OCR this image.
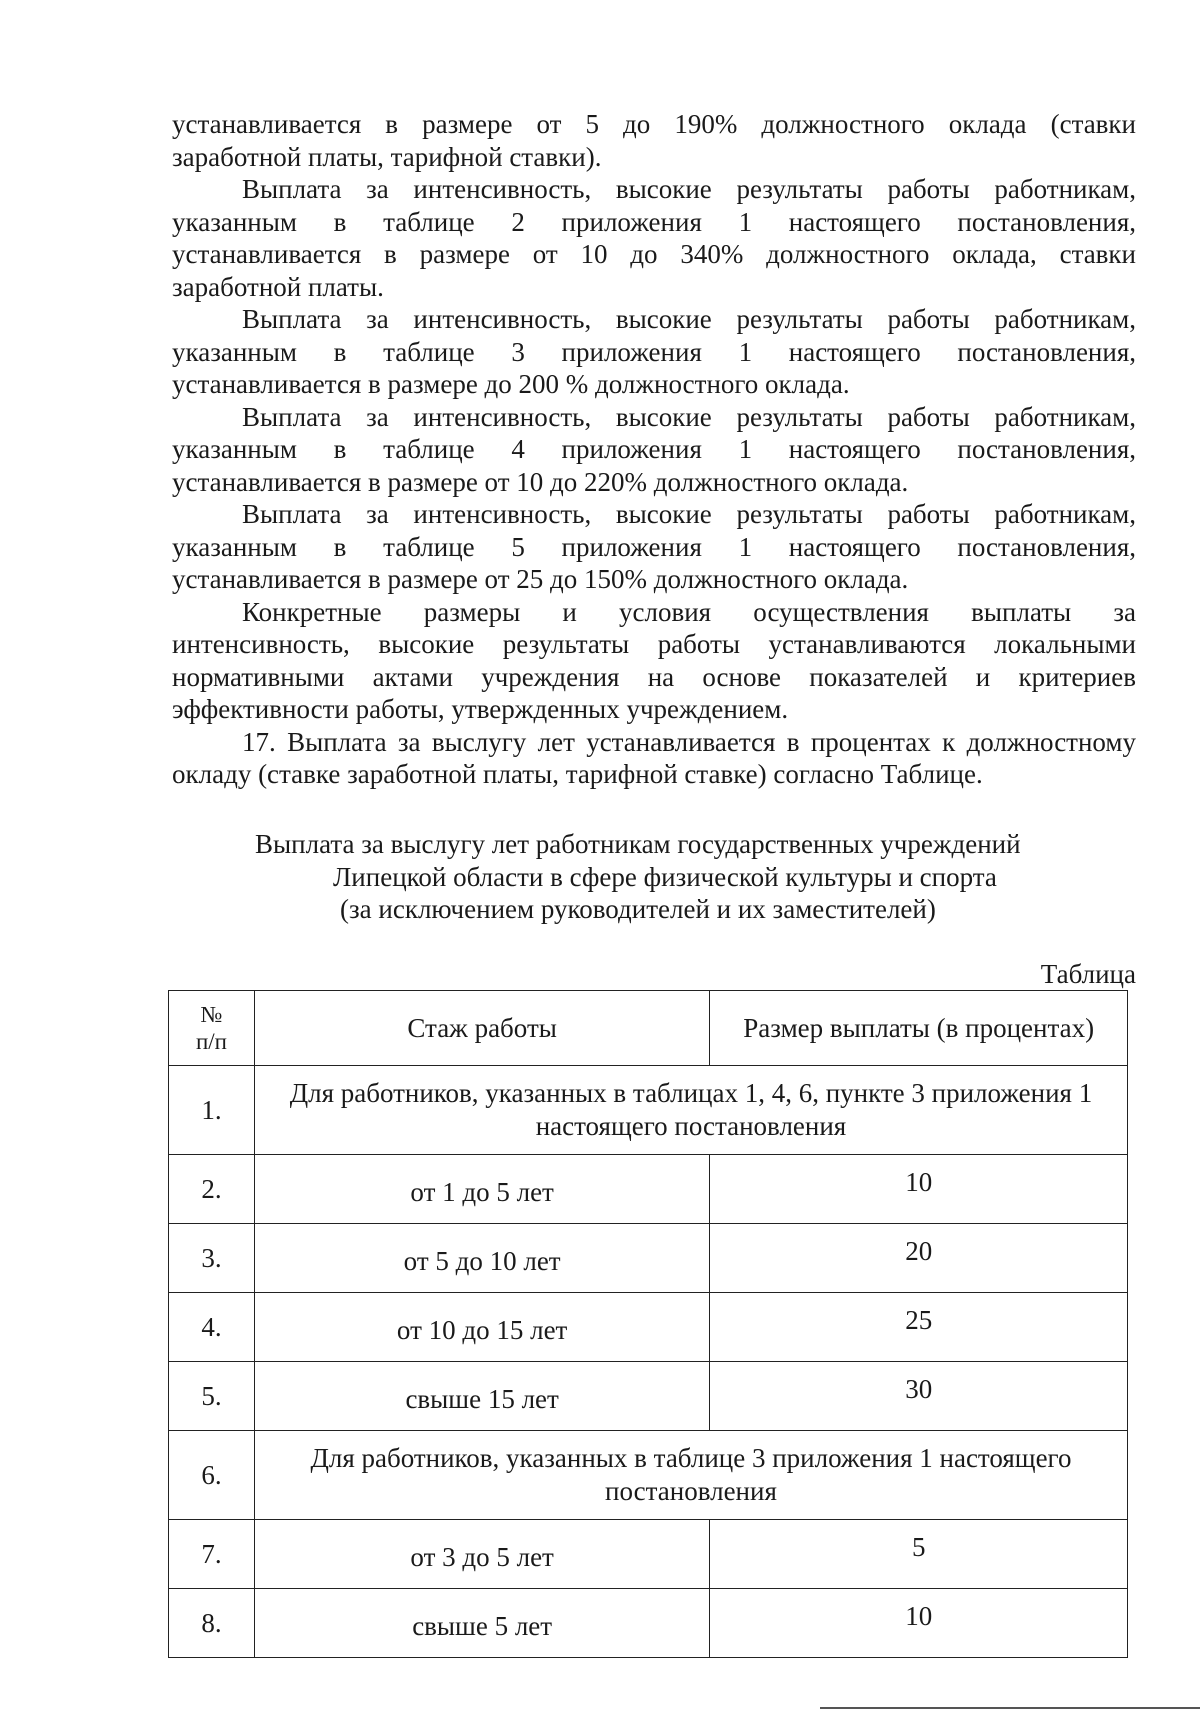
устанавливается в размере от 5 до 190% должностного оклада (ставки
заработной платы, тарифной ставки).

Выплата за интенсивность, высокие результаты работы работникам,
указанным в таблице 2 приложения 1 настоящего постановления,
устанавливается в размере от 10 до 340% должностного оклада, ставки
заработной платы.

Выплата за интенсивность, высокие результаты работы работникам,
указанным в таблице 3 приложения 1 настоящего постановления,
устанавливается в размере до 200 % должностного оклада.

Выплата за интенсивность, высокие результаты работы работникам,
указанным в таблице 4 приложения 1 настоящего постановления,
устанавливается в размере от 10 до 220% должностного оклада.

Выплата за интенсивность, высокие результаты работы работникам,
указанным в таблице 5 приложения 1 настоящего постановления,
устанавливается в размере от 25 до 150% должностного оклада.

Конкретные размеры и условия осуществления выплаты за
интенсивность, высокие результаты работы устанавливаются локальными
нормативными актами учреждения на основе показателей и критериев
эффективности работы, утвержденных учреждением.

17. Выплата за выслугу лет устанавливается в процентах к должностному
окладу (ставке заработной платы, тарифной ставке) согласно Таблице.

Выплата за выслугу лет работникам государственных учреждений
Липецкой области в сфере физической культуры и спорта
(за исключением руководителей и их заместителей)
Таблица
№
п/п	Стаж работы	Размер выплаты (в процентах)
1.	Для работников, указанных в таблицах 1, 4, 6, пункте 3 приложения 1 настоящего постановления	
2.	от 1 до 5 лет	10
3.	от 5 до 10 лет	20
4.	от 10 до 15 лет	25
5.	свыше 15 лет	30
6.	Для работников, указанных в таблице 3 приложения 1 настоящего постановления	
7.	от 3 до 5 лет	5
8.	свыше 5 лет	10
